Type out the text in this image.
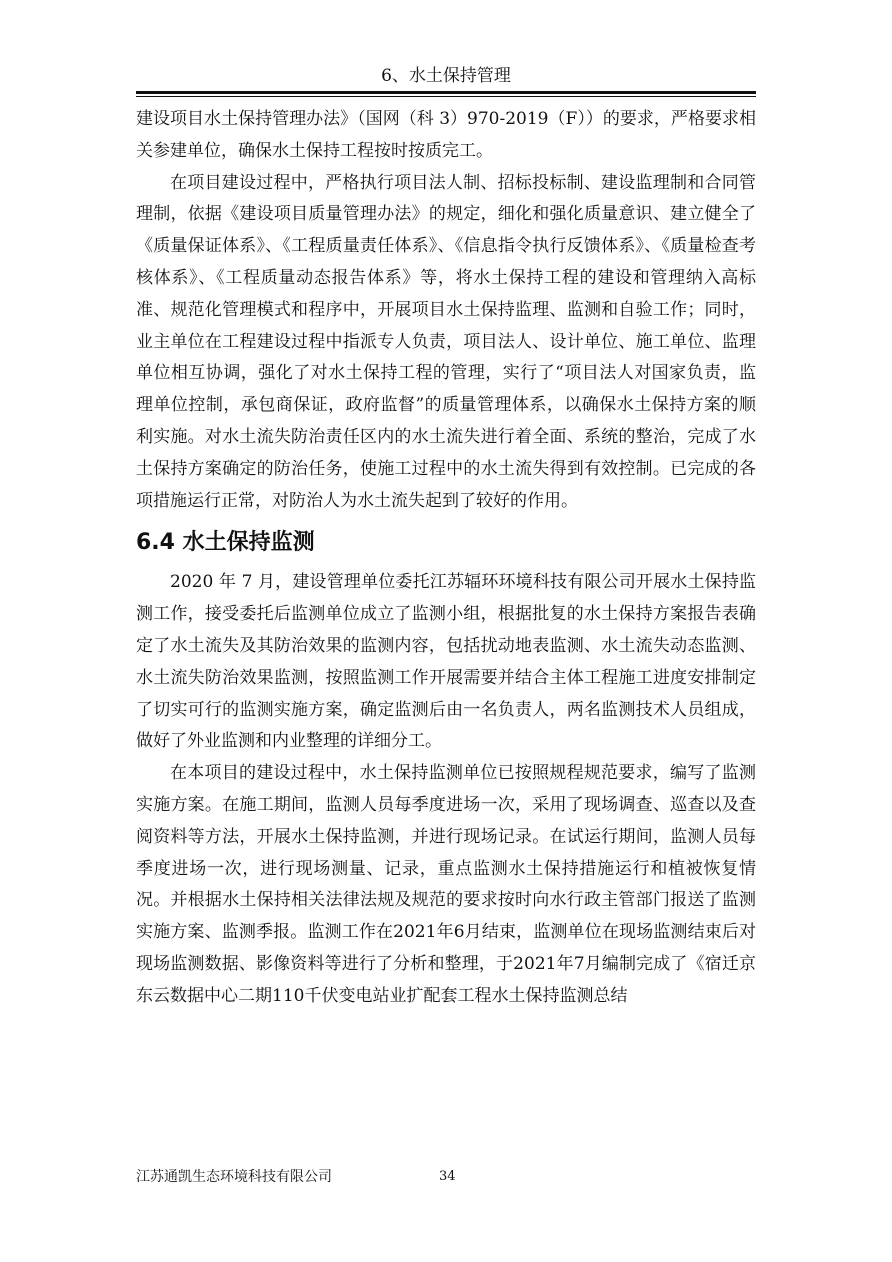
6、水土保持管理

建设项目水土保持管理办法》（国网（科 3）970-2019（F））的要求，严格要求相关参建单位，确保水土保持工程按时按质完工。

在项目建设过程中，严格执行项目法人制、招标投标制、建设监理制和合同管理制，依据《建设项目质量管理办法》的规定，细化和强化质量意识、建立健全了《质量保证体系》、《工程质量责任体系》、《信息指令执行反馈体系》、《质量检查考核体系》、《工程质量动态报告体系》等，将水土保持工程的建设和管理纳入高标准、规范化管理模式和程序中，开展项目水土保持监理、监测和自验工作；同时，业主单位在工程建设过程中指派专人负责，项目法人、设计单位、施工单位、监理单位相互协调，强化了对水土保持工程的管理，实行了“项目法人对国家负责，监理单位控制，承包商保证，政府监督”的质量管理体系，以确保水土保持方案的顺利实施。对水土流失防治责任区内的水土流失进行着全面、系统的整治，完成了水土保持方案确定的防治任务，使施工过程中的水土流失得到有效控制。已完成的各项措施运行正常，对防治人为水土流失起到了较好的作用。

6.4 水土保持监测

2020 年 7 月，建设管理单位委托江苏辐环环境科技有限公司开展水土保持监测工作，接受委托后监测单位成立了监测小组，根据批复的水土保持方案报告表确定了水土流失及其防治效果的监测内容，包括扰动地表监测、水土流失动态监测、水土流失防治效果监测，按照监测工作开展需要并结合主体工程施工进度安排制定了切实可行的监测实施方案，确定监测后由一名负责人，两名监测技术人员组成，做好了外业监测和内业整理的详细分工。

在本项目的建设过程中，水土保持监测单位已按照规程规范要求，编写了监测实施方案。在施工期间，监测人员每季度进场一次，采用了现场调查、巡查以及查阅资料等方法，开展水土保持监测，并进行现场记录。在试运行期间，监测人员每季度进场一次，进行现场测量、记录，重点监测水土保持措施运行和植被恢复情况。并根据水土保持相关法律法规及规范的要求按时向水行政主管部门报送了监测实施方案、监测季报。监测工作在2021年6月结束，监测单位在现场监测结束后对现场监测数据、影像资料等进行了分析和整理，于2021年7月编制完成了《宿迁京东云数据中心二期110千伏变电站业扩配套工程水土保持监测总结

江苏通凯生态环境科技有限公司	34
